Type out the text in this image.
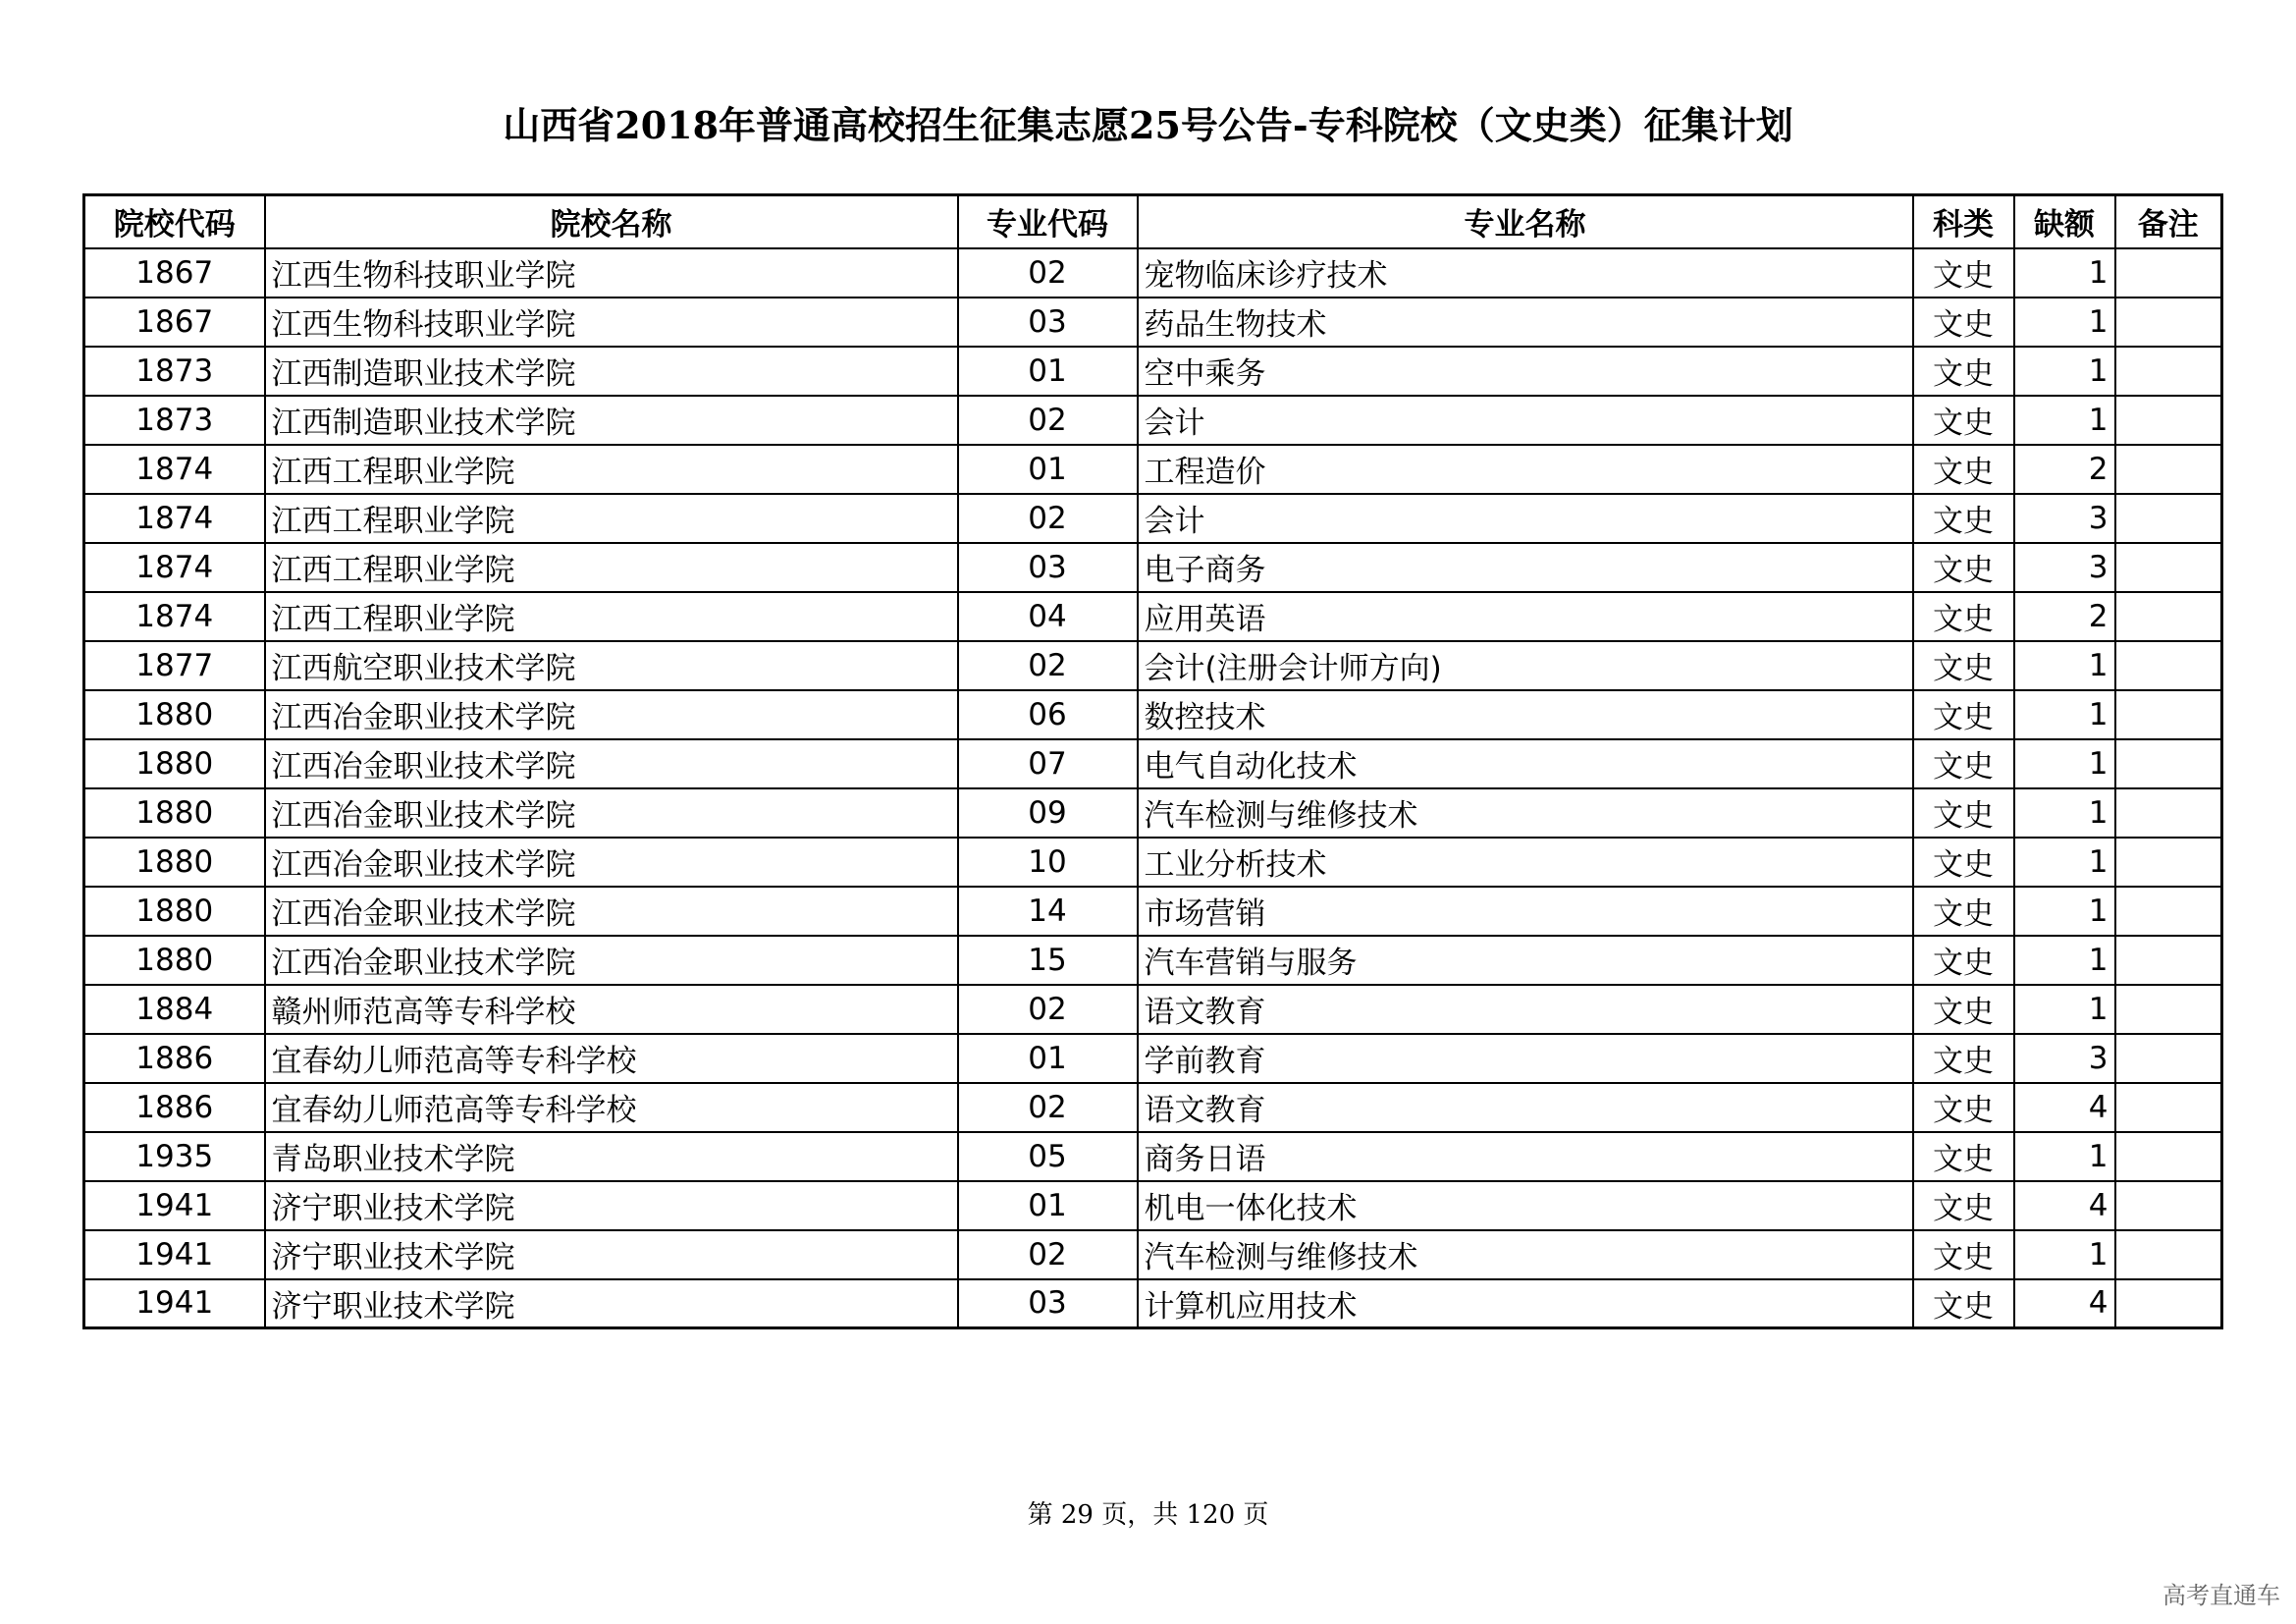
山西省2018年普通高校招生征集志愿25号公告-专科院校（文史类）征集计划
院校代码	院校名称	专业代码	专业名称	科类	缺额	备注
1867	江西生物科技职业学院	02	宠物临床诊疗技术	文史	1	
1867	江西生物科技职业学院	03	药品生物技术	文史	1	
1873	江西制造职业技术学院	01	空中乘务	文史	1	
1873	江西制造职业技术学院	02	会计	文史	1	
1874	江西工程职业学院	01	工程造价	文史	2	
1874	江西工程职业学院	02	会计	文史	3	
1874	江西工程职业学院	03	电子商务	文史	3	
1874	江西工程职业学院	04	应用英语	文史	2	
1877	江西航空职业技术学院	02	会计(注册会计师方向)	文史	1	
1880	江西冶金职业技术学院	06	数控技术	文史	1	
1880	江西冶金职业技术学院	07	电气自动化技术	文史	1	
1880	江西冶金职业技术学院	09	汽车检测与维修技术	文史	1	
1880	江西冶金职业技术学院	10	工业分析技术	文史	1	
1880	江西冶金职业技术学院	14	市场营销	文史	1	
1880	江西冶金职业技术学院	15	汽车营销与服务	文史	1	
1884	赣州师范高等专科学校	02	语文教育	文史	1	
1886	宜春幼儿师范高等专科学校	01	学前教育	文史	3	
1886	宜春幼儿师范高等专科学校	02	语文教育	文史	4	
1935	青岛职业技术学院	05	商务日语	文史	1	
1941	济宁职业技术学院	01	机电一体化技术	文史	4	
1941	济宁职业技术学院	02	汽车检测与维修技术	文史	1	
1941	济宁职业技术学院	03	计算机应用技术	文史	4	
第 29 页，共 120 页
高考直通车
